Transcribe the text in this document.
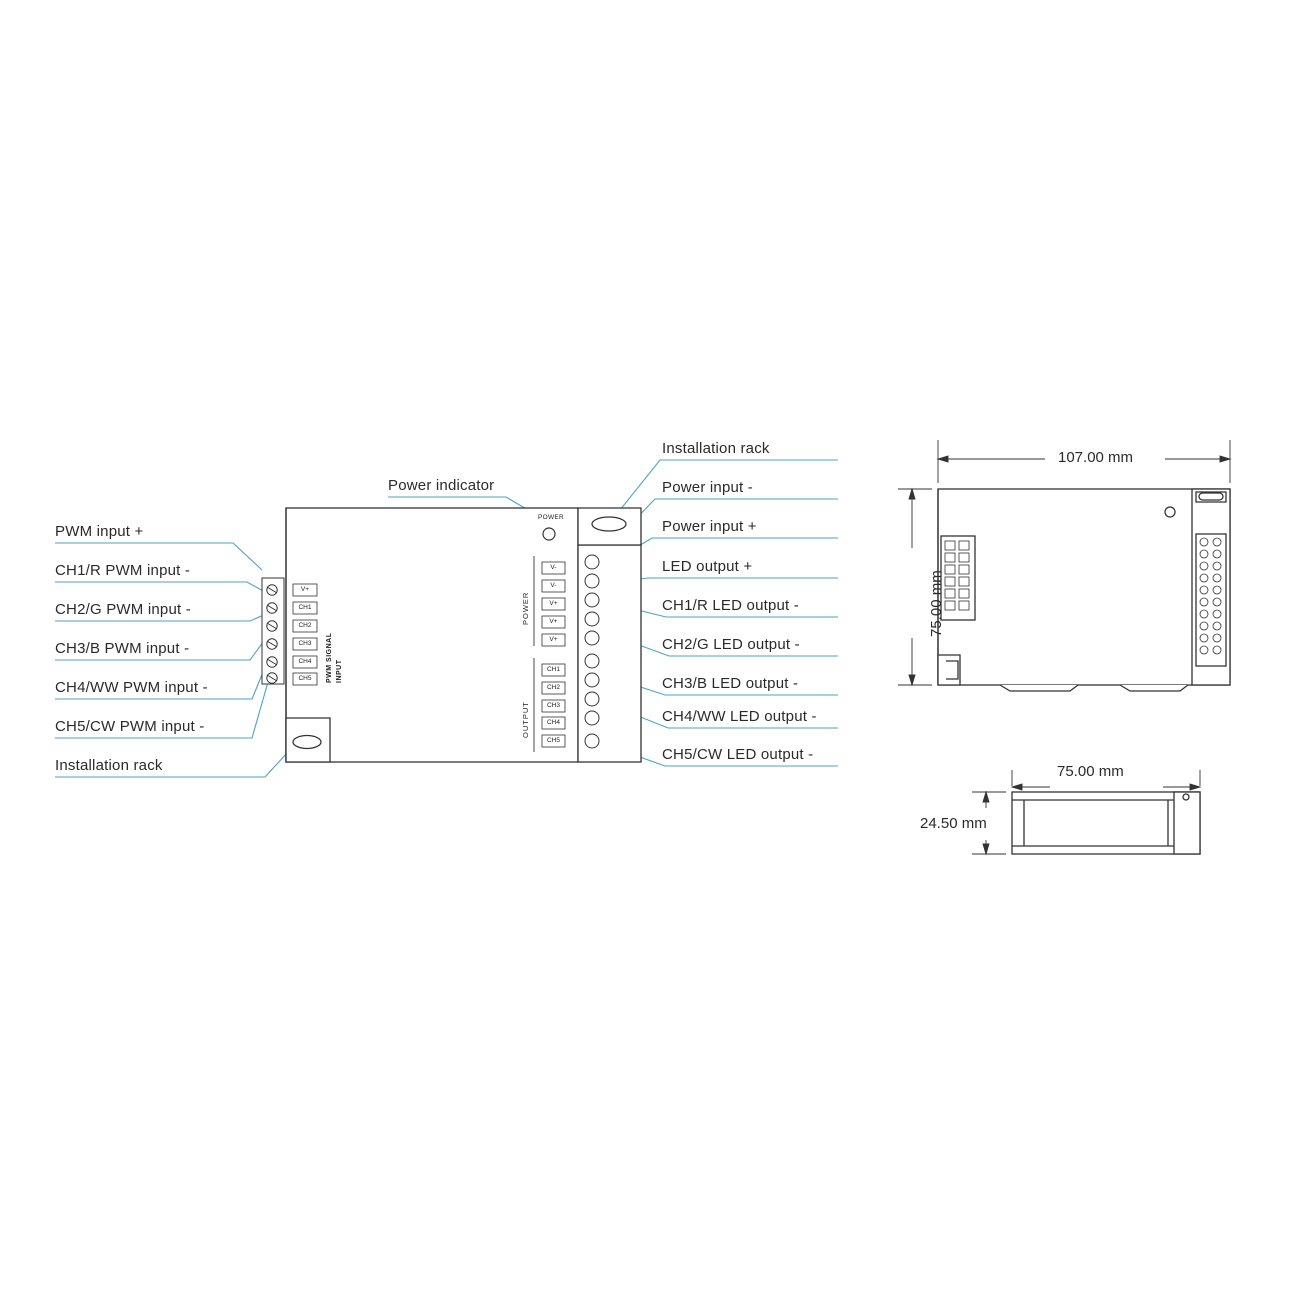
PWM input +
CH1/R PWM input -
CH2/G PWM input -
CH3/B PWM input -
CH4/WW PWM input -
CH5/CW PWM input -
Installation rack
Power indicator
Installation rack
Power input -
Power input +
LED output +
CH1/R LED output -
CH2/G LED output -
CH3/B LED output -
CH4/WW LED output -
CH5/CW LED output -
POWER
INPUT
PWM SIGNAL
POWER
OUTPUT
V+
CH1
CH2
CH3
CH4
CH5
V-
V-
V+
V+
V+
CH1
CH2
CH3
CH4
CH5
107.00 mm
75.00 mm
75.00 mm
24.50 mm
